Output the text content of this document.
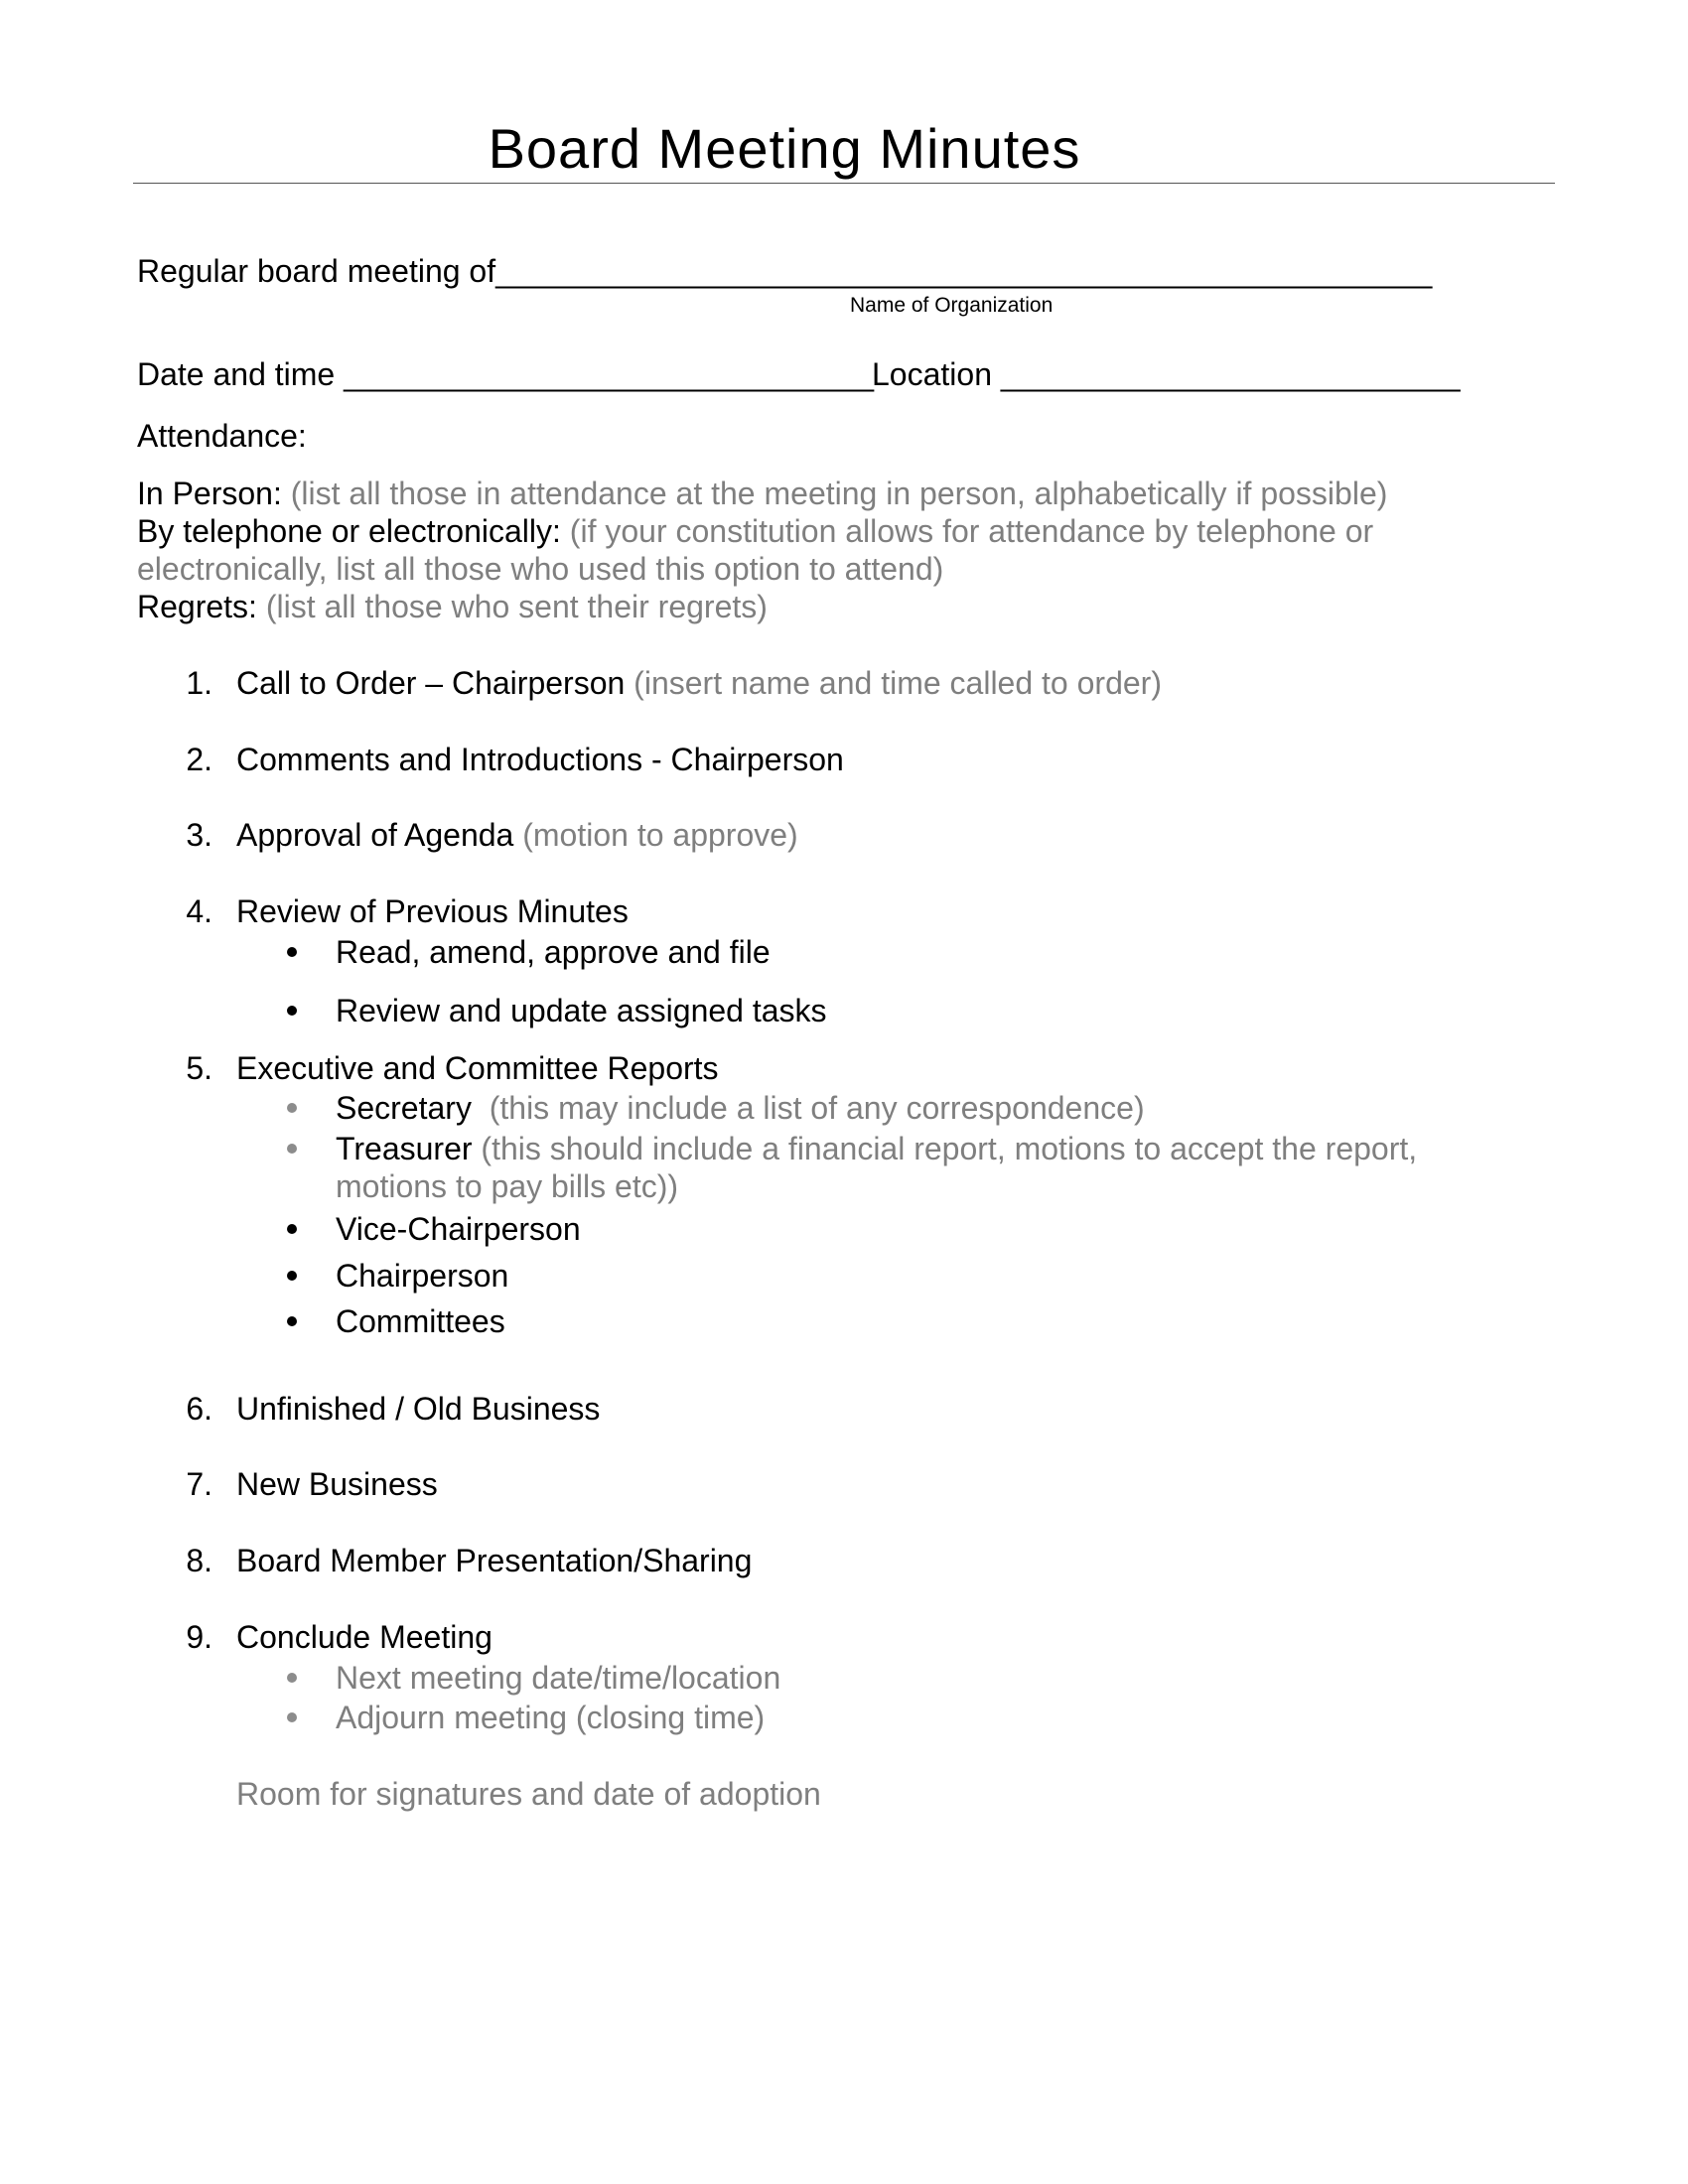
Board Meeting Minutes
Regular board meeting of_____________________________________________________
Name of Organization
Date and time ______________________________
Location __________________________
Attendance:
In Person: (list all those in attendance at the meeting in person, alphabetically if possible)
By telephone or electronically: (if your constitution allows for attendance by telephone or
electronically, list all those who used this option to attend)
Regrets: (list all those who sent their regrets)
1. Call to Order – Chairperson (insert name and time called to order)
2. Comments and Introductions - Chairperson
3. Approval of Agenda (motion to approve)
4. Review of Previous Minutes
Read, amend, approve and file
Review and update assigned tasks
5. Executive and Committee Reports
Secretary (this may include a list of any correspondence)
Treasurer (this should include a financial report, motions to accept the report,
motions to pay bills etc))
Vice-Chairperson
Chairperson
Committees
6. Unfinished / Old Business
7. New Business
8. Board Member Presentation/Sharing
9. Conclude Meeting
Next meeting date/time/location
Adjourn meeting (closing time)
Room for signatures and date of adoption
